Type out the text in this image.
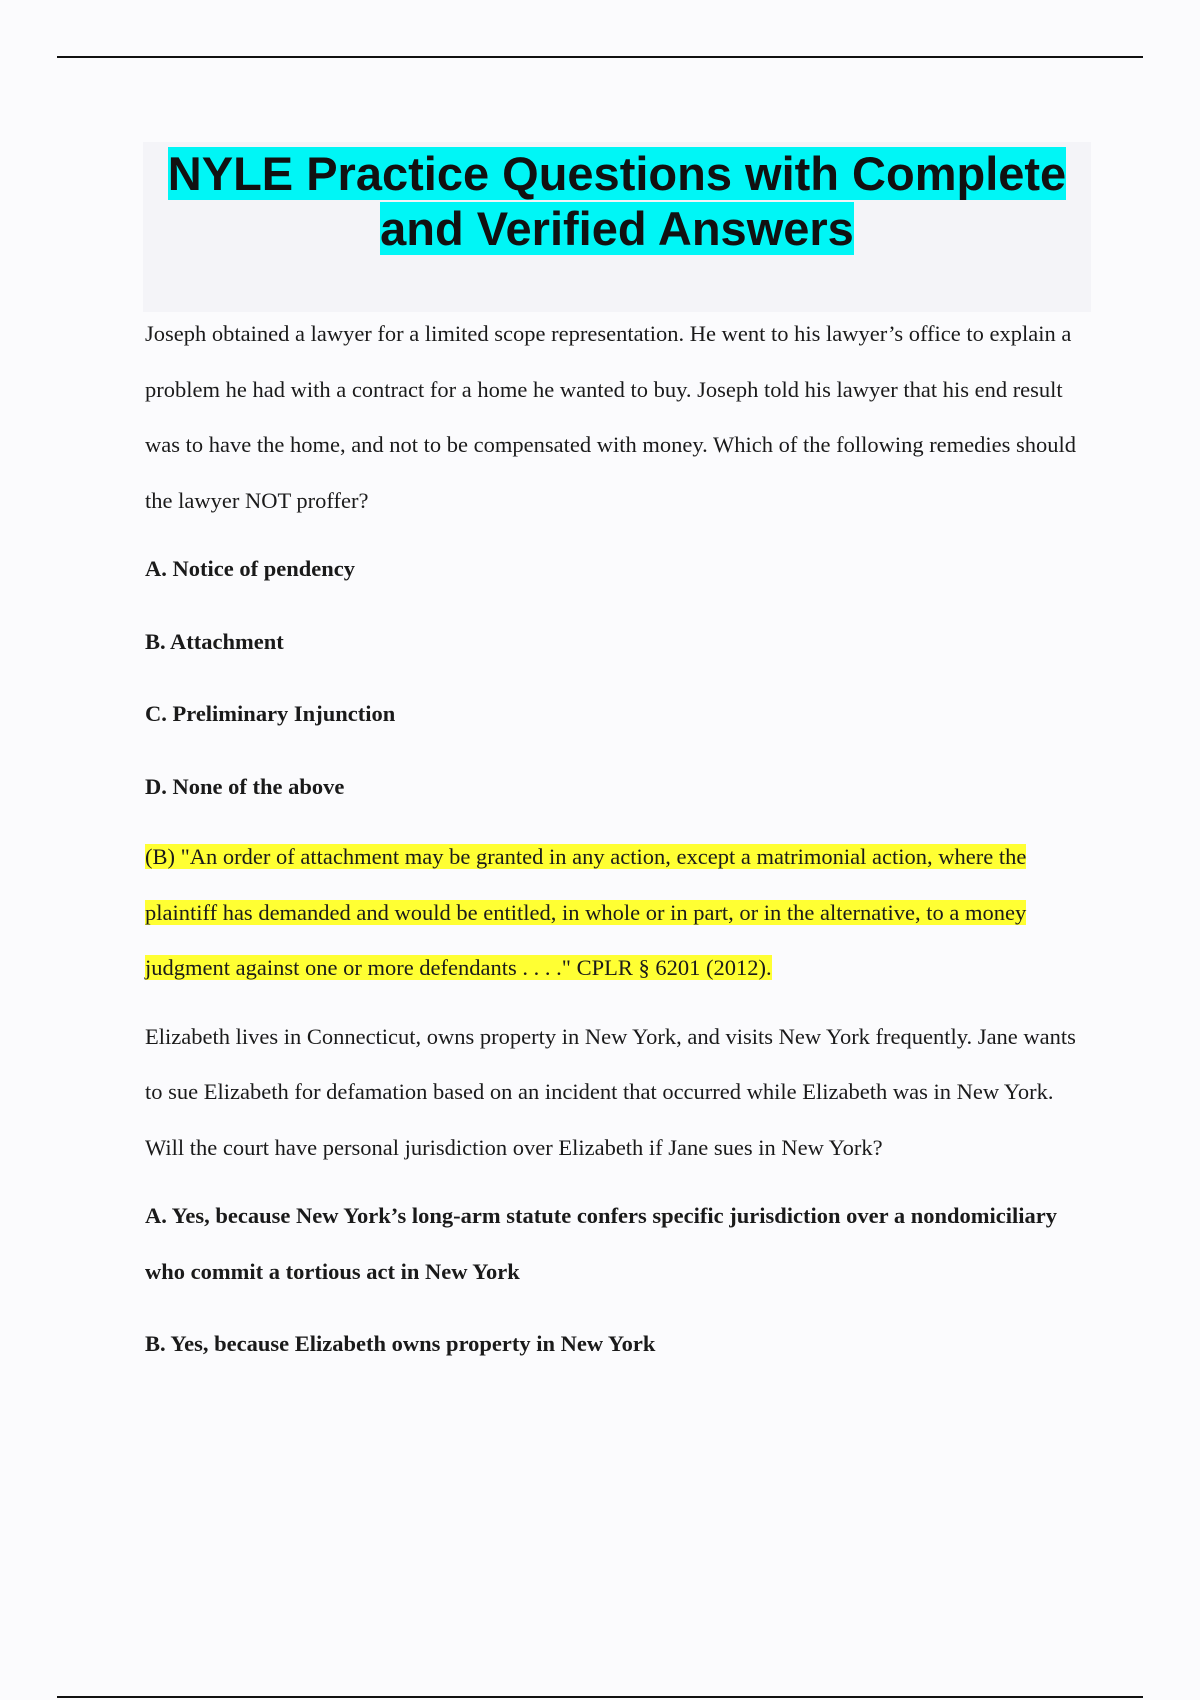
NYLE Practice Questions with Complete and Verified Answers

Joseph obtained a lawyer for a limited scope representation. He went to his lawyer’s office to explain a problem he had with a contract for a home he wanted to buy. Joseph told his lawyer that his end result was to have the home, and not to be compensated with money. Which of the following remedies should the lawyer NOT proffer?

A. Notice of pendency

B. Attachment

C. Preliminary Injunction

D. None of the above

(B) "An order of attachment may be granted in any action, except a matrimonial action, where the plaintiff has demanded and would be entitled, in whole or in part, or in the alternative, to a money judgment against one or more defendants . . . ." CPLR § 6201 (2012).

Elizabeth lives in Connecticut, owns property in New York, and visits New York frequently. Jane wants to sue Elizabeth for defamation based on an incident that occurred while Elizabeth was in New York. Will the court have personal jurisdiction over Elizabeth if Jane sues in New York?

A. Yes, because New York’s long-arm statute confers specific jurisdiction over a nondomiciliary who commit a tortious act in New York

B. Yes, because Elizabeth owns property in New York
